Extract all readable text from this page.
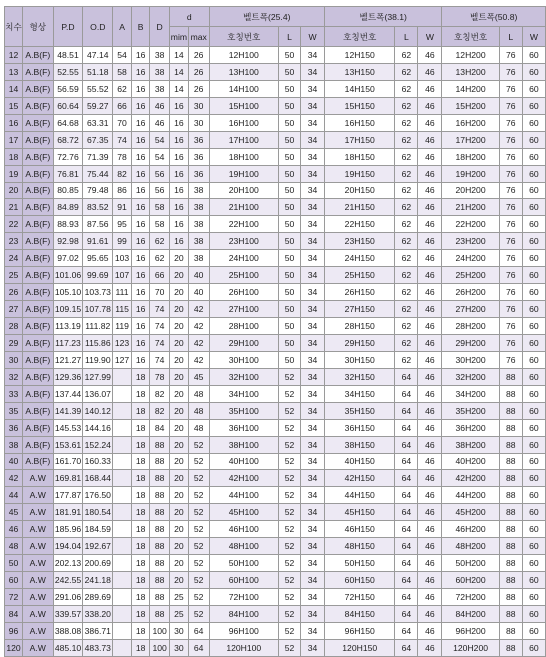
치수	형상	P.D	O.D	A	B	D	d		벨트폭(25.4)			벨트폭(38.1)			벨트폭(50.8)		
							mim	max	호칭번호	L	W	호칭번호	L	W	호칭번호	L	W
12	A.B(F)	48.51	47.14	54	16	38	14	26	12H100	50	34	12H150	62	46	12H200	76	60
13	A.B(F)	52.55	51.18	58	16	38	14	26	13H100	50	34	13H150	62	46	13H200	76	60
14	A.B(F)	56.59	55.52	62	16	38	14	26	14H100	50	34	14H150	62	46	14H200	76	60
15	A.B(F)	60.64	59.27	66	16	46	16	30	15H100	50	34	15H150	62	46	15H200	76	60
16	A.B(F)	64.68	63.31	70	16	46	16	30	16H100	50	34	16H150	62	46	16H200	76	60
17	A.B(F)	68.72	67.35	74	16	54	16	36	17H100	50	34	17H150	62	46	17H200	76	60
18	A.B(F)	72.76	71.39	78	16	54	16	36	18H100	50	34	18H150	62	46	18H200	76	60
19	A.B(F)	76.81	75.44	82	16	56	16	36	19H100	50	34	19H150	62	46	19H200	76	60
20	A.B(F)	80.85	79.48	86	16	56	16	38	20H100	50	34	20H150	62	46	20H200	76	60
21	A.B(F)	84.89	83.52	91	16	58	16	38	21H100	50	34	21H150	62	46	21H200	76	60
22	A.B(F)	88.93	87.56	95	16	58	16	38	22H100	50	34	22H150	62	46	22H200	76	60
23	A.B(F)	92.98	91.61	99	16	62	16	38	23H100	50	34	23H150	62	46	23H200	76	60
24	A.B(F)	97.02	95.65	103	16	62	20	38	24H100	50	34	24H150	62	46	24H200	76	60
25	A.B(F)	101.06	99.69	107	16	66	20	40	25H100	50	34	25H150	62	46	25H200	76	60
26	A.B(F)	105.10	103.73	111	16	70	20	40	26H100	50	34	26H150	62	46	26H200	76	60
27	A.B(F)	109.15	107.78	115	16	74	20	42	27H100	50	34	27H150	62	46	27H200	76	60
28	A.B(F)	113.19	111.82	119	16	74	20	42	28H100	50	34	28H150	62	46	28H200	76	60
29	A.B(F)	117.23	115.86	123	16	74	20	42	29H100	50	34	29H150	62	46	29H200	76	60
30	A.B(F)	121.27	119.90	127	16	74	20	42	30H100	50	34	30H150	62	46	30H200	76	60
32	A.B(F)	129.36	127.99		18	78	20	45	32H100	52	34	32H150	64	46	32H200	88	60
33	A.B(F)	137.44	136.07		18	82	20	48	34H100	52	34	34H150	64	46	34H200	88	60
35	A.B(F)	141.39	140.12		18	82	20	48	35H100	52	34	35H150	64	46	35H200	88	60
36	A.B(F)	145.53	144.16		18	84	20	48	36H100	52	34	36H150	64	46	36H200	88	60
38	A.B(F)	153.61	152.24		18	88	20	52	38H100	52	34	38H150	64	46	38H200	88	60
40	A.B(F)	161.70	160.33		18	88	20	52	40H100	52	34	40H150	64	46	40H200	88	60
42	A.W	169.81	168.44		18	88	20	52	42H100	52	34	42H150	64	46	42H200	88	60
44	A.W	177.87	176.50		18	88	20	52	44H100	52	34	44H150	64	46	44H200	88	60
45	A.W	181.91	180.54		18	88	20	52	45H100	52	34	45H150	64	46	45H200	88	60
46	A.W	185.96	184.59		18	88	20	52	46H100	52	34	46H150	64	46	46H200	88	60
48	A.W	194.04	192.67		18	88	20	52	48H100	52	34	48H150	64	46	48H200	88	60
50	A.W	202.13	200.69		18	88	20	52	50H100	52	34	50H150	64	46	50H200	88	60
60	A.W	242.55	241.18		18	88	20	52	60H100	52	34	60H150	64	46	60H200	88	60
72	A.W	291.06	289.69		18	88	25	52	72H100	52	34	72H150	64	46	72H200	88	60
84	A.W	339.57	338.20		18	88	25	52	84H100	52	34	84H150	64	46	84H200	88	60
96	A.W	388.08	386.71		18	100	30	64	96H100	52	34	96H150	64	46	96H200	88	60
120	A.W	485.10	483.73		18	100	30	64	120H100	52	34	120H150	64	46	120H200	88	60
